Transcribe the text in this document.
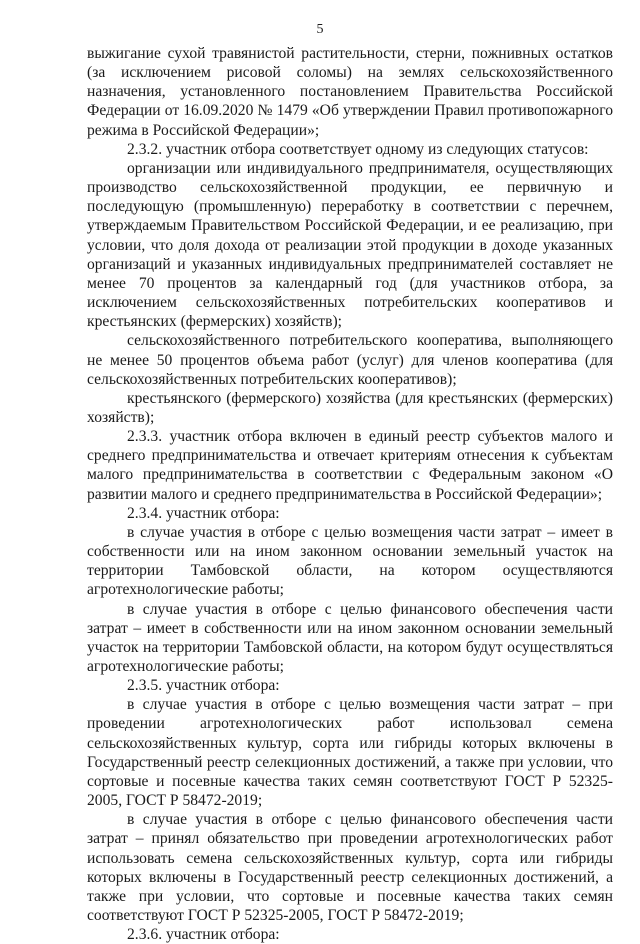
5

выжигание сухой травянистой растительности, стерни, пожнивных остатков (за исключением рисовой соломы) на землях сельскохозяйственного назначения, установленного постановлением Правительства Российской Федерации от 16.09.2020 № 1479 «Об утверждении Правил противопожарного режима в Российской Федерации»;

2.3.2. участник отбора соответствует одному из следующих статусов:

организации или индивидуального предпринимателя, осуществляющих производство сельскохозяйственной продукции, ее первичную и последующую (промышленную) переработку в соответствии с перечнем, утверждаемым Правительством Российской Федерации, и ее реализацию, при условии, что доля дохода от реализации этой продукции в доходе указанных организаций и указанных индивидуальных предпринимателей составляет не менее 70 процентов за календарный год (для участников отбора, за исключением сельскохозяйственных потребительских кооперативов и крестьянских (фермерских) хозяйств);

сельскохозяйственного потребительского кооператива, выполняющего не менее 50 процентов объема работ (услуг) для членов кооператива (для сельскохозяйственных потребительских кооперативов);

крестьянского (фермерского) хозяйства (для крестьянских (фермерских) хозяйств);

2.3.3. участник отбора включен в единый реестр субъектов малого и среднего предпринимательства и отвечает критериям отнесения к субъектам малого предпринимательства в соответствии с Федеральным законом «О развитии малого и среднего предпринимательства в Российской Федерации»;

2.3.4. участник отбора:

в случае участия в отборе с целью возмещения части затрат – имеет в собственности или на ином законном основании земельный участок на территории Тамбовской области, на котором осуществляются агротехнологические работы;

в случае участия в отборе с целью финансового обеспечения части затрат – имеет в собственности или на ином законном основании земельный участок на территории Тамбовской области, на котором будут осуществляться агротехнологические работы;

2.3.5. участник отбора:

в случае участия в отборе с целью возмещения части затрат – при проведении агротехнологических работ использовал семена сельскохозяйственных культур, сорта или гибриды которых включены в Государственный реестр селекционных достижений, а также при условии, что сортовые и посевные качества таких семян соответствуют ГОСТ Р 52325-2005, ГОСТ Р 58472-2019;

в случае участия в отборе с целью финансового обеспечения части затрат – принял обязательство при проведении агротехнологических работ использовать семена сельскохозяйственных культур, сорта или гибриды которых включены в Государственный реестр селекционных достижений, а также при условии, что сортовые и посевные качества таких семян соответствуют ГОСТ Р 52325-2005, ГОСТ Р 58472-2019;

2.3.6. участник отбора:
